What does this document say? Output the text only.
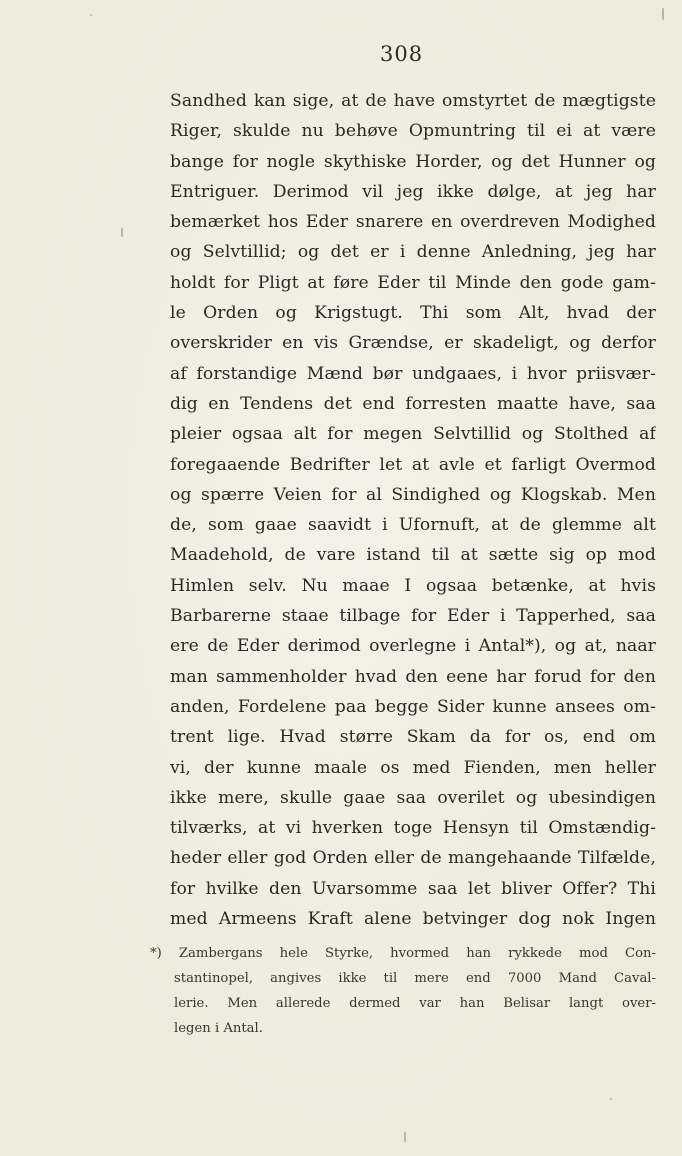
308
Sandhed kan sige, at de have omstyrtet de mægtigste
Riger, skulde nu behøve Opmuntring til ei at være
bange for nogle skythiske Horder, og det Hunner og
Entriguer. Derimod vil jeg ikke dølge, at jeg har
bemærket hos Eder snarere en overdreven Modighed
og Selvtillid; og det er i denne Anledning, jeg har
holdt for Pligt at føre Eder til Minde den gode gam-
le Orden og Krigstugt. Thi som Alt, hvad der
overskrider en vis Grændse, er skadeligt, og derfor
af forstandige Mænd bør undgaaes, i hvor priisvær-
dig en Tendens det end forresten maatte have, saa
pleier ogsaa alt for megen Selvtillid og Stolthed af
foregaaende Bedrifter let at avle et farligt Overmod
og spærre Veien for al Sindighed og Klogskab. Men
de, som gaae saavidt i Ufornuft, at de glemme alt
Maadehold, de vare istand til at sætte sig op mod
Himlen selv. Nu maae I ogsaa betænke, at hvis
Barbarerne staae tilbage for Eder i Tapperhed, saa
ere de Eder derimod overlegne i Antal*), og at, naar
man sammenholder hvad den eene har forud for den
anden, Fordelene paa begge Sider kunne ansees om-
trent lige. Hvad større Skam da for os, end om
vi, der kunne maale os med Fienden, men heller
ikke mere, skulle gaae saa overilet og ubesindigen
tilværks, at vi hverken toge Hensyn til Omstændig-
heder eller god Orden eller de mangehaande Tilfælde,
for hvilke den Uvarsomme saa let bliver Offer? Thi
med Armeens Kraft alene betvinger dog nok Ingen
*) Zambergans hele Styrke, hvormed han rykkede mod Con-
stantinopel, angives ikke til mere end 7000 Mand Caval-
lerie. Men allerede dermed var han Belisar langt over-
legen i Antal.
